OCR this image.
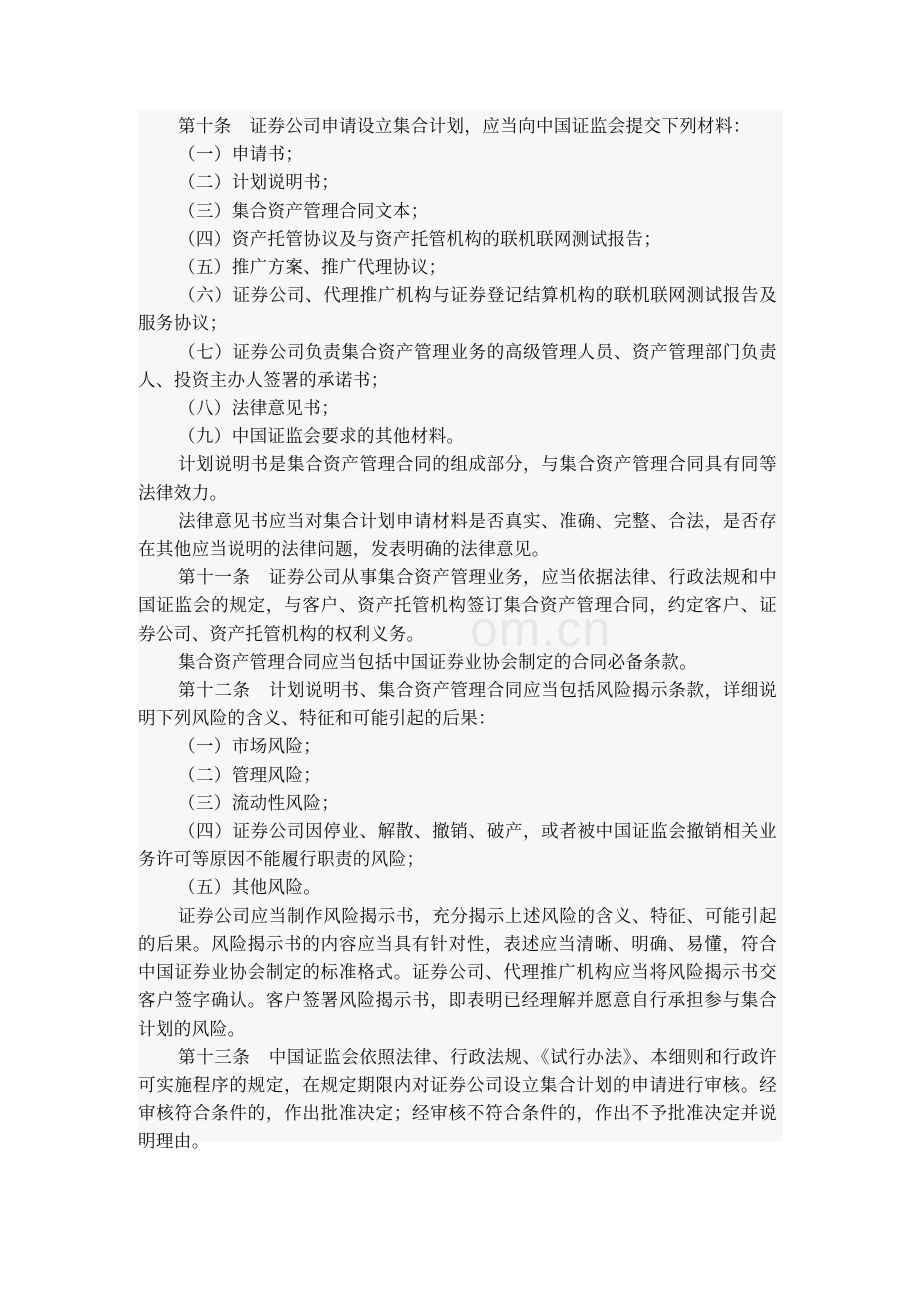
第十条　证券公司申请设立集合计划，应当向中国证监会提交下列材料：

（一）申请书；

（二）计划说明书；

（三）集合资产管理合同文本；

（四）资产托管协议及与资产托管机构的联机联网测试报告；

（五）推广方案、推广代理协议；

（六）证券公司、代理推广机构与证券登记结算机构的联机联网测试报告及服务协议；

（七）证券公司负责集合资产管理业务的高级管理人员、资产管理部门负责人、投资主办人签署的承诺书；

（八）法律意见书；

（九）中国证监会要求的其他材料。

计划说明书是集合资产管理合同的组成部分，与集合资产管理合同具有同等法律效力。

法律意见书应当对集合计划申请材料是否真实、准确、完整、合法，是否存在其他应当说明的法律问题，发表明确的法律意见。

第十一条　证券公司从事集合资产管理业务，应当依据法律、行政法规和中国证监会的规定，与客户、资产托管机构签订集合资产管理合同，约定客户、证券公司、资产托管机构的权利义务。

集合资产管理合同应当包括中国证券业协会制定的合同必备条款。

第十二条　计划说明书、集合资产管理合同应当包括风险揭示条款，详细说明下列风险的含义、特征和可能引起的后果：

（一）市场风险；

（二）管理风险；

（三）流动性风险；

（四）证券公司因停业、解散、撤销、破产，或者被中国证监会撤销相关业务许可等原因不能履行职责的风险；

（五）其他风险。

证券公司应当制作风险揭示书，充分揭示上述风险的含义、特征、可能引起的后果。风险揭示书的内容应当具有针对性，表述应当清晰、明确、易懂，符合中国证券业协会制定的标准格式。证券公司、代理推广机构应当将风险揭示书交客户签字确认。客户签署风险揭示书，即表明已经理解并愿意自行承担参与集合计划的风险。

第十三条　中国证监会依照法律、行政法规、《试行办法》、本细则和行政许可实施程序的规定，在规定期限内对证券公司设立集合计划的申请进行审核。经审核符合条件的，作出批准决定；经审核不符合条件的，作出不予批准决定并说明理由。

om.cn
